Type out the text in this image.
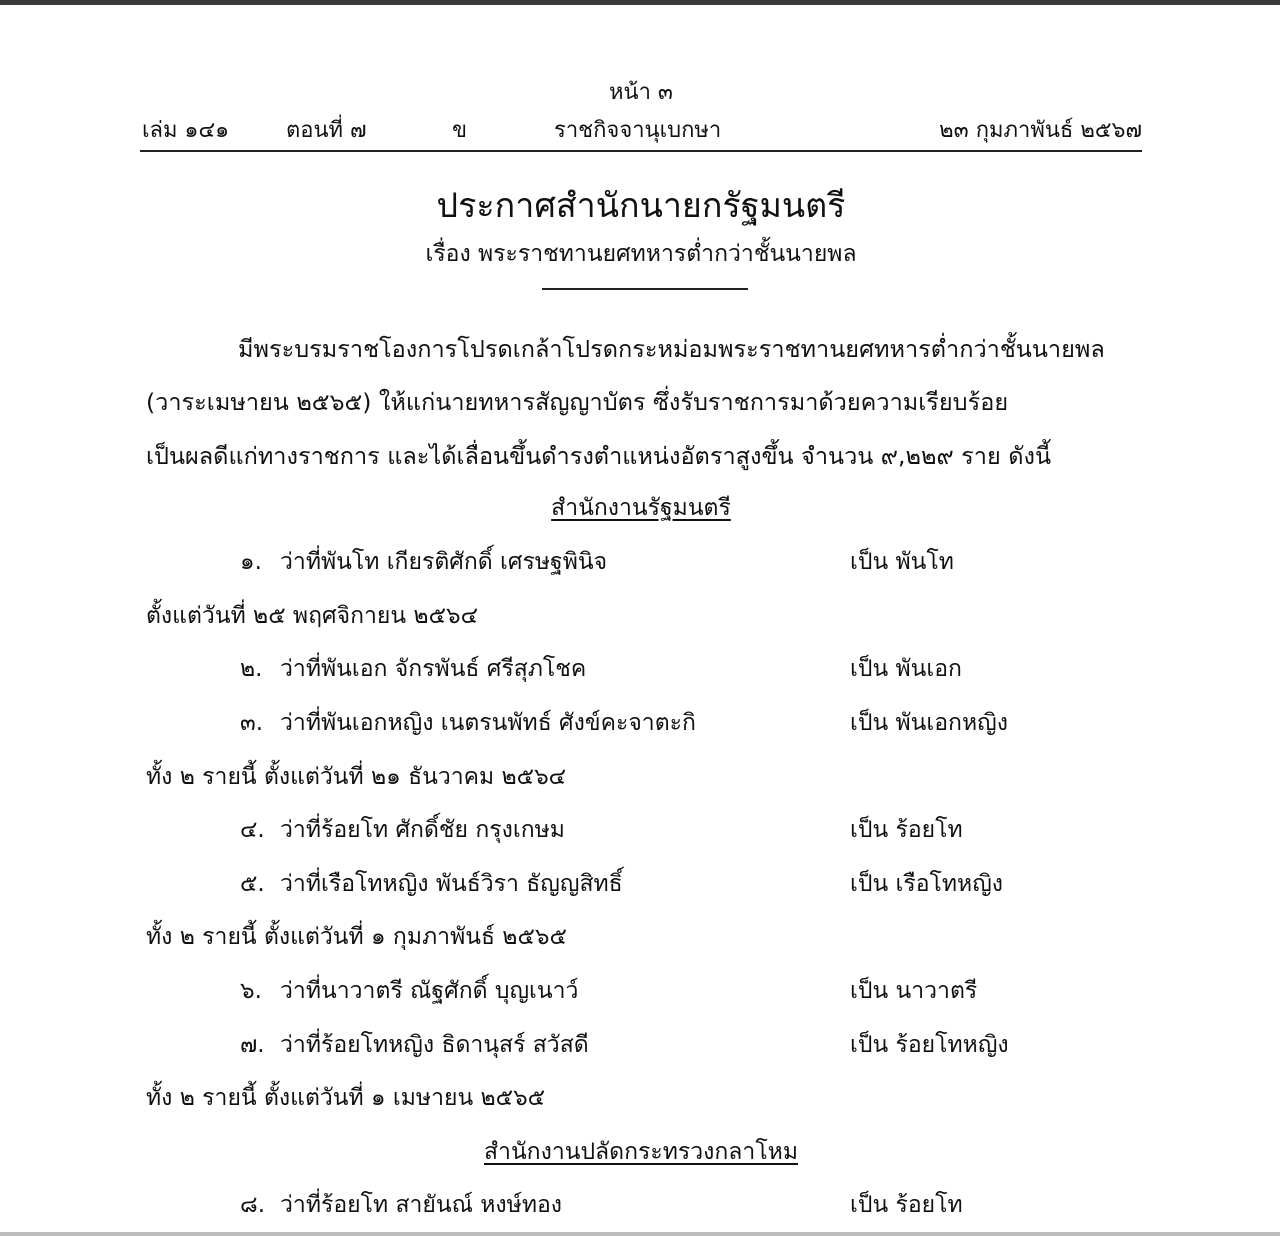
หน้า ๓
เล่ม ๑๔๑	ตอนที่ ๗	ข	ราชกิจจานุเบกษา	๒๓ กุมภาพันธ์ ๒๕๖๗
ประกาศสำนักนายกรัฐมนตรี
เรื่อง พระราชทานยศทหารต่ำกว่าชั้นนายพล
มีพระบรมราชโองการโปรดเกล้าโปรดกระหม่อมพระราชทานยศทหารต่ำกว่าชั้นนายพล
(วาระเมษายน ๒๕๖๕) ให้แก่นายทหารสัญญาบัตร ซึ่งรับราชการมาด้วยความเรียบร้อย
เป็นผลดีแก่ทางราชการ และได้เลื่อนขึ้นดำรงตำแหน่งอัตราสูงขึ้น จำนวน ๙,๒๒๙ ราย ดังนี้
สำนักงานรัฐมนตรี
๑. ว่าที่พันโท เกียรติศักดิ์ เศรษฐพินิจ	เป็น พันโท
ตั้งแต่วันที่ ๒๕ พฤศจิกายน ๒๕๖๔
๒. ว่าที่พันเอก จักรพันธ์ ศรีสุภโชค	เป็น พันเอก
๓. ว่าที่พันเอกหญิง เนตรนพัทธ์ ศังข์คะจาตะกิ	เป็น พันเอกหญิง
ทั้ง ๒ รายนี้ ตั้งแต่วันที่ ๒๑ ธันวาคม ๒๕๖๔
๔. ว่าที่ร้อยโท ศักดิ์ชัย กรุงเกษม	เป็น ร้อยโท
๕. ว่าที่เรือโทหญิง พันธ์วิรา ธัญญสิทธิ์	เป็น เรือโทหญิง
ทั้ง ๒ รายนี้ ตั้งแต่วันที่ ๑ กุมภาพันธ์ ๒๕๖๕
๖. ว่าที่นาวาตรี ณัฐศักดิ์ บุญเนาว์	เป็น นาวาตรี
๗. ว่าที่ร้อยโทหญิง ธิดานุสร์ สวัสดี	เป็น ร้อยโทหญิง
ทั้ง ๒ รายนี้ ตั้งแต่วันที่ ๑ เมษายน ๒๕๖๕
สำนักงานปลัดกระทรวงกลาโหม
๘. ว่าที่ร้อยโท สายันณ์ หงษ์ทอง	เป็น ร้อยโท
